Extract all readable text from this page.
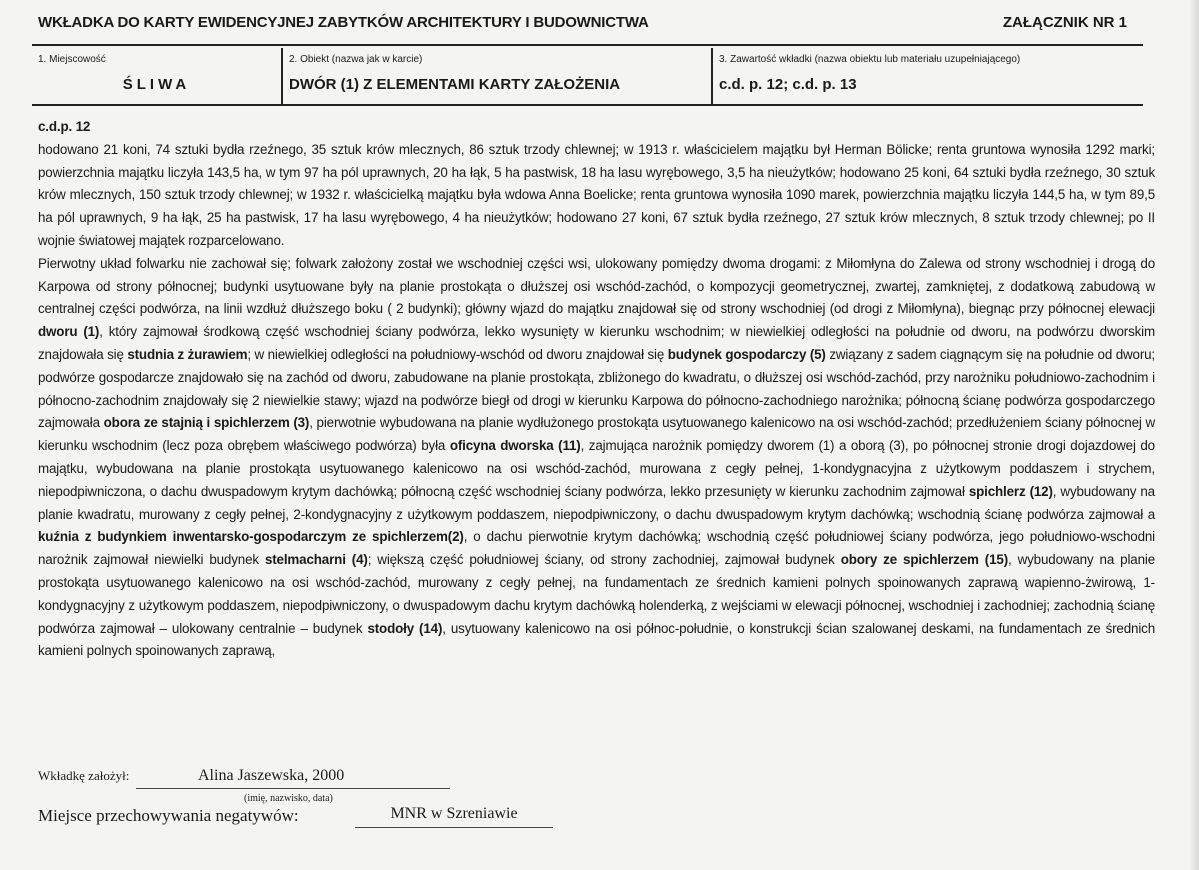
WKŁADKA DO KARTY EWIDENCYJNEJ ZABYTKÓW ARCHITEKTURY I BUDOWNICTWA	ZAŁĄCZNIK NR 1
1. Miejscowość
ŚLIWA
2. Obiekt (nazwa jak w karcie)
DWÓR (1) Z ELEMENTAMI KARTY ZAŁOŻENIA
3. Zawartość wkładki (nazwa obiektu lub materiału uzupełniającego)
c.d. p. 12; c.d. p. 13

c.d.p. 12

hodowano 21 koni, 74 sztuki bydła rzeźnego, 35 sztuk krów mlecznych, 86 sztuk trzody chlewnej; w 1913 r. właścicielem majątku był Herman Bölicke; renta gruntowa wynosiła 1292 marki; powierzchnia majątku liczyła 143,5 ha, w tym 97 ha pól uprawnych, 20 ha łąk, 5 ha pastwisk, 18 ha lasu wyrębowego, 3,5 ha nieużytków; hodowano 25 koni, 64 sztuki bydła rzeźnego, 30 sztuk krów mlecznych, 150 sztuk trzody chlewnej; w 1932 r. właścicielką majątku była wdowa Anna Boelicke; renta gruntowa wynosiła 1090 marek, powierzchnia majątku liczyła 144,5 ha, w tym 89,5 ha pól uprawnych, 9 ha łąk, 25 ha pastwisk, 17 ha lasu wyrębowego, 4 ha nieużytków; hodowano 27 koni, 67 sztuk bydła rzeźnego, 27 sztuk krów mlecznych, 8 sztuk trzody chlewnej; po II wojnie światowej majątek rozparcelowano.

Pierwotny układ folwarku nie zachował się; folwark założony został we wschodniej części wsi, ulokowany pomiędzy dwoma drogami: z Miłomłyna do Zalewa od strony wschodniej i drogą do Karpowa od strony północnej; budynki usytuowane były na planie prostokąta o dłuższej osi wschód-zachód, o kompozycji geometrycznej, zwartej, zamkniętej, z dodatkową zabudową w centralnej części podwórza, na linii wzdłuż dłuższego boku ( 2 budynki); główny wjazd do majątku znajdował się od strony wschodniej (od drogi z Miłomłyna), biegnąc przy północnej elewacji dworu (1), który zajmował środkową część wschodniej ściany podwórza, lekko wysunięty w kierunku wschodnim; w niewielkiej odległości na południe od dworu, na podwórzu dworskim znajdowała się studnia z żurawiem; w niewielkiej odległości na południowy-wschód od dworu znajdował się budynek gospodarczy (5) związany z sadem ciągnącym się na południe od dworu; podwórze gospodarcze znajdowało się na zachód od dworu, zabudowane na planie prostokąta, zbliżonego do kwadratu, o dłuższej osi wschód-zachód, przy narożniku południowo-zachodnim i północno-zachodnim znajdowały się 2 niewielkie stawy; wjazd na podwórze biegł od drogi w kierunku Karpowa do północno-zachodniego narożnika; północną ścianę podwórza gospodarczego zajmowała obora ze stajnią i spichlerzem (3), pierwotnie wybudowana na planie wydłużonego prostokąta usytuowanego kalenicowo na osi wschód-zachód; przedłużeniem ściany północnej w kierunku wschodnim (lecz poza obrębem właściwego podwórza) była oficyna dworska (11), zajmująca narożnik pomiędzy dworem (1) a oborą (3), po północnej stronie drogi dojazdowej do majątku, wybudowana na planie prostokąta usytuowanego kalenicowo na osi wschód-zachód, murowana z cegły pełnej, 1-kondygnacyjna z użytkowym poddaszem i strychem, niepodpiwniczona, o dachu dwuspadowym krytym dachówką; północną część wschodniej ściany podwórza, lekko przesunięty w kierunku zachodnim zajmował spichlerz (12), wybudowany na planie kwadratu, murowany z cegły pełnej, 2-kondygnacyjny z użytkowym poddaszem, niepodpiwniczony, o dachu dwuspadowym krytym dachówką; wschodnią ścianę podwórza zajmował a kuźnia z budynkiem inwentarsko-gospodarczym ze spichlerzem(2), o dachu pierwotnie krytym dachówką; wschodnią część południowej ściany podwórza, jego południowo-wschodni narożnik zajmował niewielki budynek stelmacharni (4); większą część południowej ściany, od strony zachodniej, zajmował budynek obory ze spichlerzem (15), wybudowany na planie prostokąta usytuowanego kalenicowo na osi wschód-zachód, murowany z cegły pełnej, na fundamentach ze średnich kamieni polnych spoinowanych zaprawą wapienno-żwirową, 1-kondygnacyjny z użytkowym poddaszem, niepodpiwniczony, o dwuspadowym dachu krytym dachówką holenderką, z wejściami w elewacji północnej, wschodniej i zachodniej; zachodnią ścianę podwórza zajmował – ulokowany centralnie – budynek stodoły (14), usytuowany kalenicowo na osi północ-południe, o konstrukcji ścian szalowanej deskami, na fundamentach ze średnich kamieni polnych spoinowanych zaprawą,

Wkładkę założył:	Alina Jaszewska, 2000
(imię, nazwisko, data)
Miejsce przechowywania negatywów:	MNR w Szreniawie
